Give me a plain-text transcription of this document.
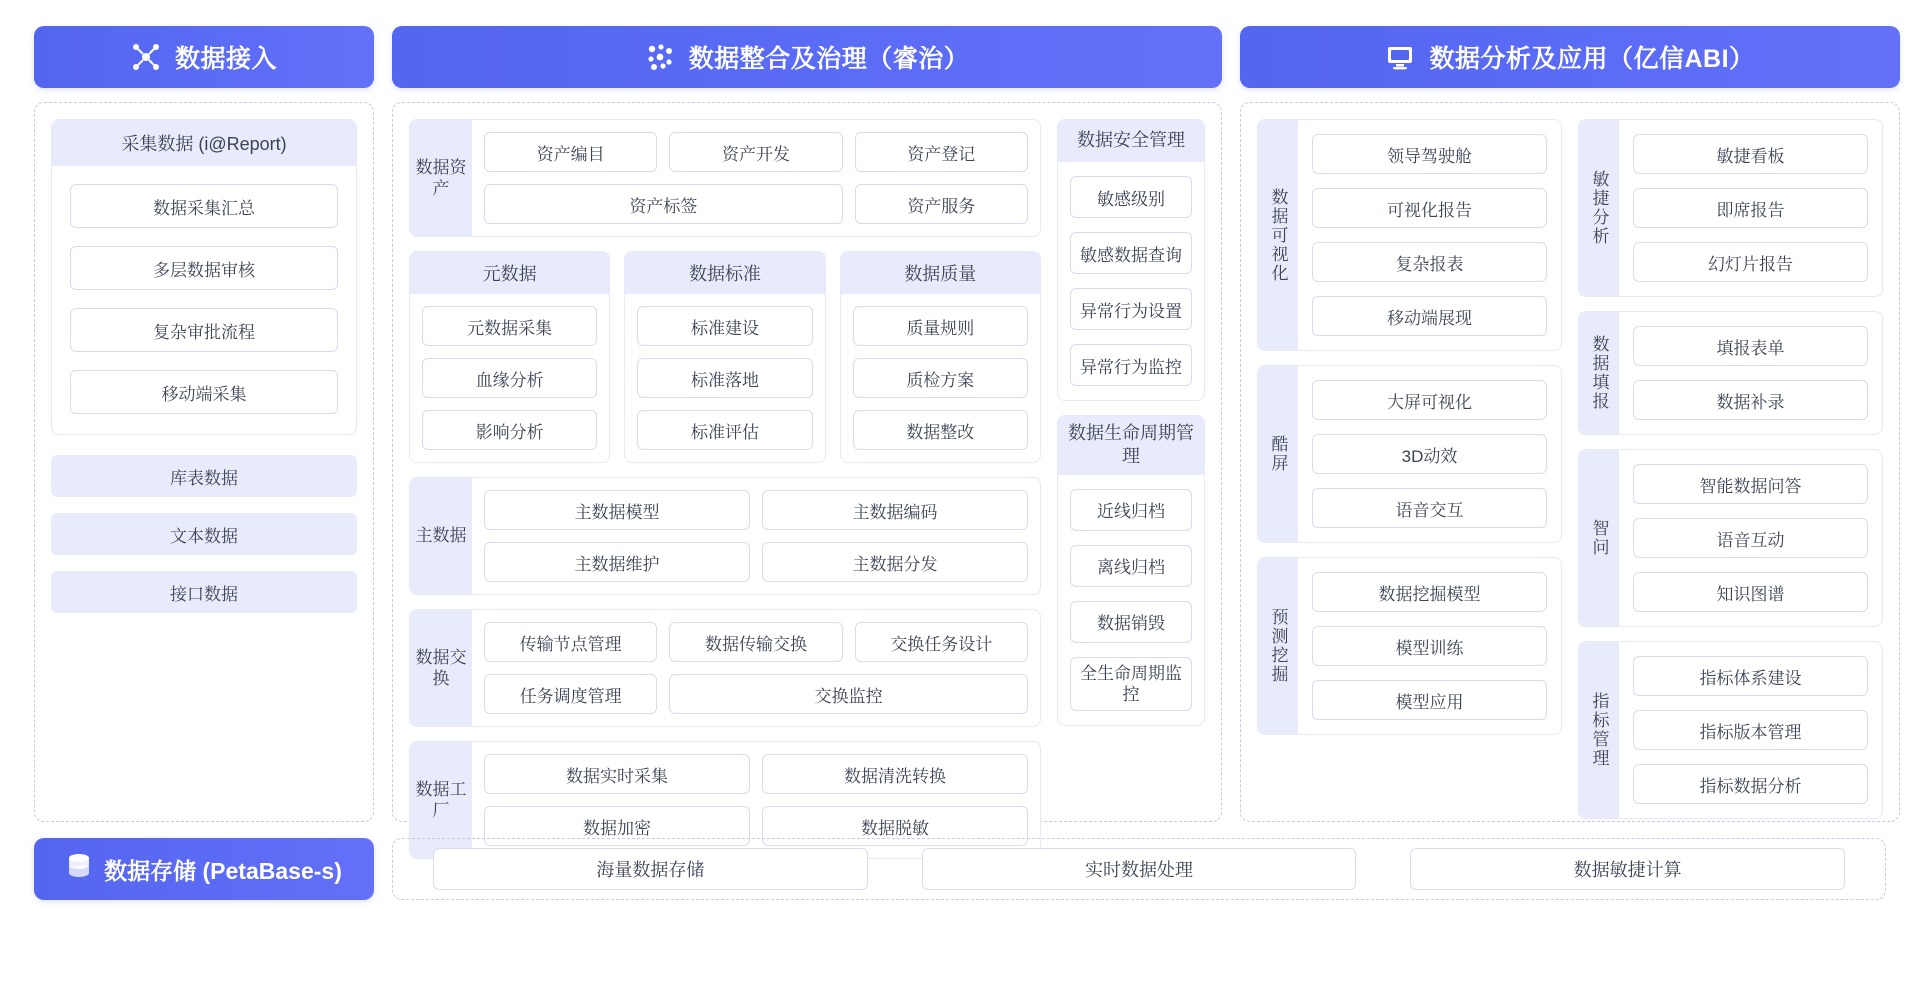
数据接入
采集数据 (i@Report)
数据采集汇总
多层数据审核
复杂审批流程
移动端采集
库表数据
文本数据
接口数据
数据整合及治理（睿治）
数据资产
资产编目	资产开发	资产登记
资产标签	资产服务
元数据
元数据采集
血缘分析
影响分析
数据标准
标准建设
标准落地
标准评估
数据质量
质量规则
质检方案
数据整改
主数据
主数据模型	主数据编码
主数据维护	主数据分发
数据交换
传输节点管理	数据传输交换	交换任务设计
任务调度管理	交换监控
数据工厂
数据实时采集	数据清洗转换
数据加密	数据脱敏
数据安全管理
敏感级别
敏感数据查询
异常行为设置
异常行为监控
数据生命周期管理
近线归档
离线归档
数据销毁
全生命周期监控
数据分析及应用（亿信ABI）
数据可视化
领导驾驶舱
可视化报告
复杂报表
移动端展现
酷屏
大屏可视化
3D动效
语音交互
预测挖掘
数据挖掘模型
模型训练
模型应用
敏捷分析
敏捷看板
即席报告
幻灯片报告
数据填报	填报表单
数据补录
智问
智能数据问答
语音互动
知识图谱
指标管理
指标体系建设
指标版本管理
指标数据分析
数据存储 (PetaBase-s)	海量数据存储	实时数据处理	数据敏捷计算
